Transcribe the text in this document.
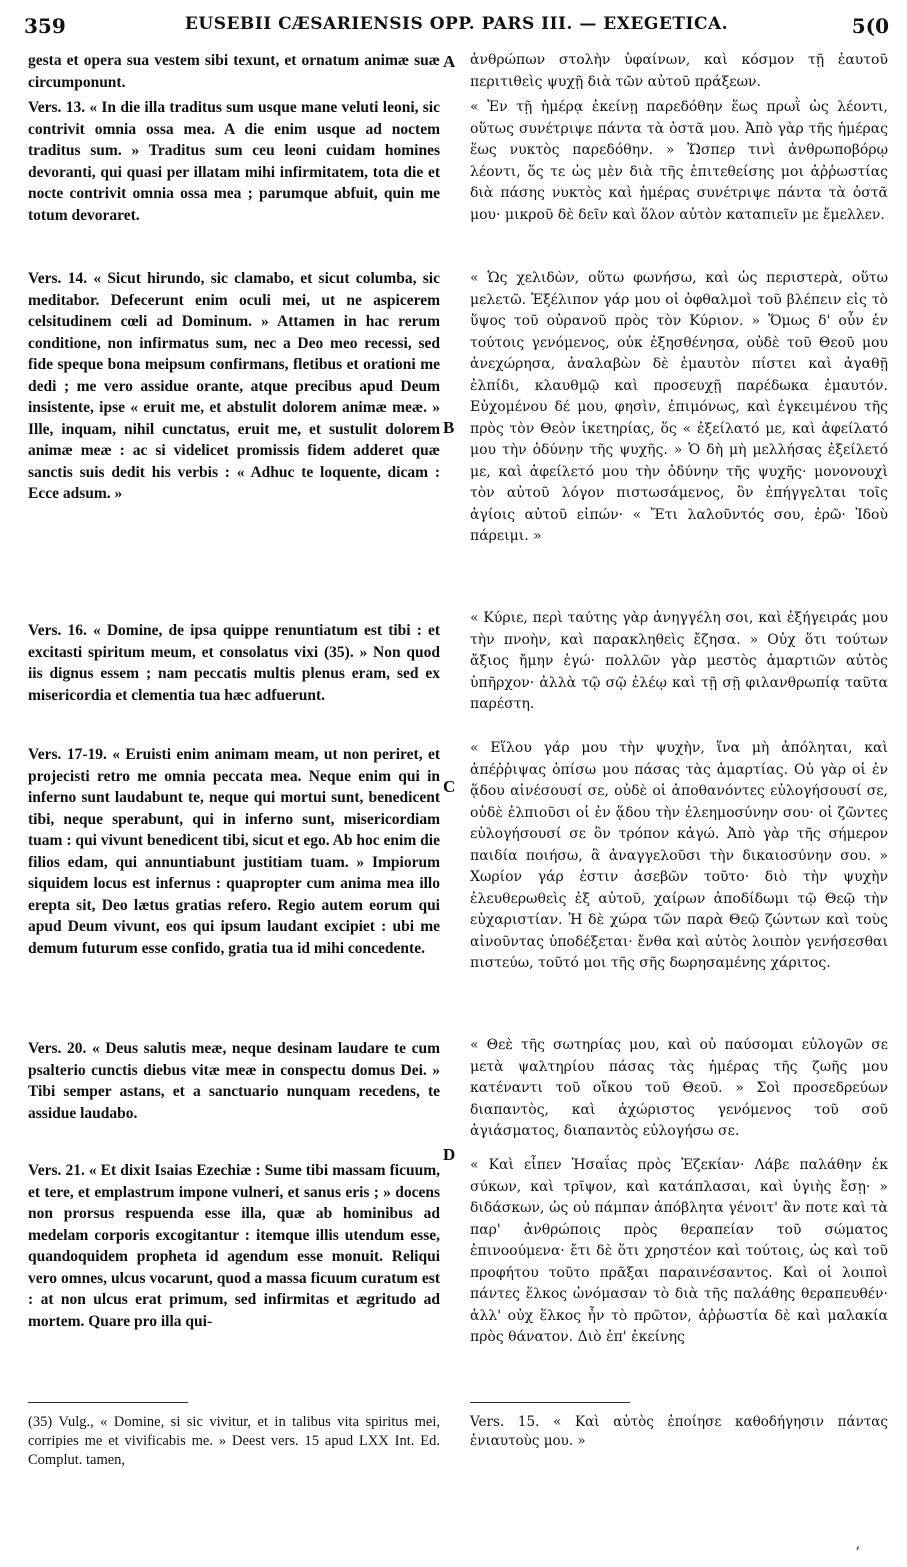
359	EUSEBII CÆSARIENSIS OPP. PARS III. — EXEGETICA.	5(0

gesta et opera sua vestem sibi texunt, et ornatum animæ suæ circumponunt.

Vers. 13. « In die illa traditus sum usque mane veluti leoni, sic contrivit omnia ossa mea. A die enim usque ad noctem traditus sum. » Traditus sum ceu leoni cuidam homines devoranti, qui quasi per illatam mihi infirmitatem, tota die et nocte contrivit omnia ossa mea ; parumque abfuit, quin me totum devoraret.

Vers. 14. « Sicut hirundo, sic clamabo, et sicut columba, sic meditabor. Defecerunt enim oculi mei, ut ne aspicerem celsitudinem cœli ad Dominum. » Attamen in hac rerum conditione, non infirmatus sum, nec a Deo meo recessi, sed fide speque bona meipsum confirmans, fletibus et orationi me dedi ; me vero assidue orante, atque precibus apud Deum insistente, ipse « eruit me, et abstulit dolorem animæ meæ. » Ille, inquam, nihil cunctatus, eruit me, et sustulit dolorem animæ meæ : ac si videlicet promissis fidem adderet quæ sanctis suis dedit his verbis : « Adhuc te loquente, dicam : Ecce adsum. »

Vers. 16. « Domine, de ipsa quippe renuntiatum est tibi : et excitasti spiritum meum, et consolatus vixi (35). » Non quod iis dignus essem ; nam peccatis multis plenus eram, sed ex misericordia et clementia tua hæc adfuerunt.

Vers. 17-19. « Eruisti enim animam meam, ut non periret, et projecisti retro me omnia peccata mea. Neque enim qui in inferno sunt laudabunt te, neque qui mortui sunt, benedicent tibi, neque sperabunt, qui in inferno sunt, misericordiam tuam : qui vivunt benedicent tibi, sicut et ego. Ab hoc enim die filios edam, qui annuntiabunt justitiam tuam. » Impiorum siquidem locus est infernus : quapropter cum anima mea illo erepta sit, Deo lætus gratias refero. Regio autem eorum qui apud Deum vivunt, eos qui ipsum laudant excipiet : ubi me demum futurum esse confido, gratia tua id mihi concedente.

Vers. 20. « Deus salutis meæ, neque desinam laudare te cum psalterio cunctis diebus vitæ meæ in conspectu domus Dei. » Tibi semper astans, et a sanctuario nunquam recedens, te assidue laudabo.

Vers. 21. « Et dixit Isaias Ezechiæ : Sume tibi massam ficuum, et tere, et emplastrum impone vulneri, et sanus eris ; » docens non prorsus respuenda esse illa, quæ ab hominibus ad medelam corporis excogitantur : itemque illis utendum esse, quandoquidem propheta id agendum esse monuit. Reliqui vero omnes, ulcus vocarunt, quod a massa ficuum curatum est : at non ulcus erat primum, sed infirmitas et ægritudo ad mortem. Quare pro illa qui-

A
B
C
D

ἀνθρώπων στολὴν ὑφαίνων, καὶ κόσμον τῇ ἑαυτοῦ περιτιθεὶς ψυχῇ διὰ τῶν αὐτοῦ πράξεων.

« Ἐν τῇ ἡμέρᾳ ἐκείνῃ παρεδόθην ἕως πρωῒ ὡς λέοντι, οὕτως συνέτριψε πάντα τὰ ὀστᾶ μου. Ἀπὸ γὰρ τῆς ἡμέρας ἕως νυκτὸς παρεδόθην. » Ὥσπερ τινὶ ἀνθρωποβόρῳ λέοντι, ὅς τε ὡς μὲν διὰ τῆς ἐπιτεθείσης μοι ἀῤῥωστίας διὰ πάσης νυκτὸς καὶ ἡμέρας συνέτριψε πάντα τὰ ὀστᾶ μου· μικροῦ δὲ δεῖν καὶ ὅλον αὐτὸν καταπιεῖν με ἔμελλεν.

« Ὡς χελιδὼν, οὕτω φωνήσω, καὶ ὡς περιστερὰ, οὕτω μελετῶ. Ἐξέλιπον γάρ μου οἱ ὀφθαλμοὶ τοῦ βλέπειν εἰς τὸ ὕψος τοῦ οὐρανοῦ πρὸς τὸν Κύριον. » Ὅμως δ' οὖν ἐν τούτοις γενόμενος, οὐκ ἐξησθένησα, οὐδὲ τοῦ Θεοῦ μου ἀνεχώρησα, ἀναλαβὼν δὲ ἐμαυτὸν πίστει καὶ ἀγαθῇ ἐλπίδι, κλαυθμῷ καὶ προσευχῇ παρέδωκα ἐμαυτόν. Εὐχομένου δέ μου, φησὶν, ἐπιμόνως, καὶ ἐγκειμένου τῆς πρὸς τὸν Θεὸν ἱκετηρίας, ὅς « ἐξείλατό με, καὶ ἀφείλατό μου τὴν ὀδύνην τῆς ψυχῆς. » Ὁ δὴ μὴ μελλήσας ἐξείλετό με, καὶ ἀφείλετό μου τὴν ὀδύνην τῆς ψυχῆς· μονονουχὶ τὸν αὐτοῦ λόγον πιστωσάμενος, ὃν ἐπήγγελται τοῖς ἁγίοις αὐτοῦ εἰπών· « Ἔτι λαλοῦντός σου, ἐρῶ· Ἰδοὺ πάρειμι. »

« Κύριε, περὶ ταύτης γὰρ ἀνηγγέλη σοι, καὶ ἐξήγειράς μου τὴν πνοὴν, καὶ παρακληθεὶς ἔζησα. » Οὐχ ὅτι τούτων ἄξιος ἤμην ἐγώ· πολλῶν γὰρ μεστὸς ἁμαρτιῶν αὐτὸς ὑπῆρχον· ἀλλὰ τῷ σῷ ἐλέῳ καὶ τῇ σῇ φιλανθρωπίᾳ ταῦτα παρέστη.

« Εἵλου γάρ μου τὴν ψυχὴν, ἵνα μὴ ἀπόληται, καὶ ἀπέῤῥιψας ὀπίσω μου πάσας τὰς ἁμαρτίας. Οὐ γὰρ οἱ ἐν ᾅδου αἰνέσουσί σε, οὐδὲ οἱ ἀποθανόντες εὐλογήσουσί σε, οὐδὲ ἐλπιοῦσι οἱ ἐν ᾅδου τὴν ἐλεημοσύνην σου· οἱ ζῶντες εὐλογήσουσί σε ὃν τρόπον κἀγώ. Ἀπὸ γὰρ τῆς σήμερον παιδία ποιήσω, ἃ ἀναγγελοῦσι τὴν δικαιοσύνην σου. » Χωρίον γάρ ἐστιν ἀσεβῶν τοῦτο· διὸ τὴν ψυχὴν ἐλευθερωθεὶς ἐξ αὐτοῦ, χαίρων ἀποδίδωμι τῷ Θεῷ τὴν εὐχαριστίαν. Ἡ δὲ χώρα τῶν παρὰ Θεῷ ζώντων καὶ τοὺς αἰνοῦντας ὑποδέξεται· ἔνθα καὶ αὐτὸς λοιπὸν γενήσεσθαι πιστεύω, τοῦτό μοι τῆς σῆς δωρησαμένης χάριτος.

« Θεὲ τῆς σωτηρίας μου, καὶ οὐ παύσομαι εὐλογῶν σε μετὰ ψαλτηρίου πάσας τὰς ἡμέρας τῆς ζωῆς μου κατέναντι τοῦ οἴκου τοῦ Θεοῦ. » Σοὶ προσεδρεύων διαπαντὸς, καὶ ἀχώριστος γενόμενος τοῦ σοῦ ἁγιάσματος, διαπαντὸς εὐλογήσω σε.

« Καὶ εἶπεν Ἡσαΐας πρὸς Ἐζεκίαν· Λάβε παλάθην ἐκ σύκων, καὶ τρῖψον, καὶ κατάπλασαι, καὶ ὑγιὴς ἔσῃ· » διδάσκων, ὡς οὐ πάμπαν ἀπόβλητα γένοιτ' ἂν ποτε καὶ τὰ παρ' ἀνθρώποις πρὸς θεραπείαν τοῦ σώματος ἐπινοούμενα· ἔτι δὲ ὅτι χρηστέον καὶ τούτοις, ὡς καὶ τοῦ προφήτου τοῦτο πρᾶξαι παραινέσαντος. Καὶ οἱ λοιποὶ πάντες ἕλκος ὠνόμασαν τὸ διὰ τῆς παλάθης θεραπευθέν· ἀλλ' οὐχ ἕλκος ἦν τὸ πρῶτον, ἀῤῥωστία δὲ καὶ μαλακία πρὸς θάνατον. Διὸ ἐπ' ἐκείνης

(35) Vulg., « Domine, si sic vivitur, et in talibus vita spiritus mei, corripies me et vivificabis me. » Deest vers. 15 apud LXX Int. Ed. Complut. tamen,
Vers. 15. « Καὶ αὐτὸς ἐποίησε καθοδήγησιν πάντας ἐνιαυτοὺς μου. »
ʼ
